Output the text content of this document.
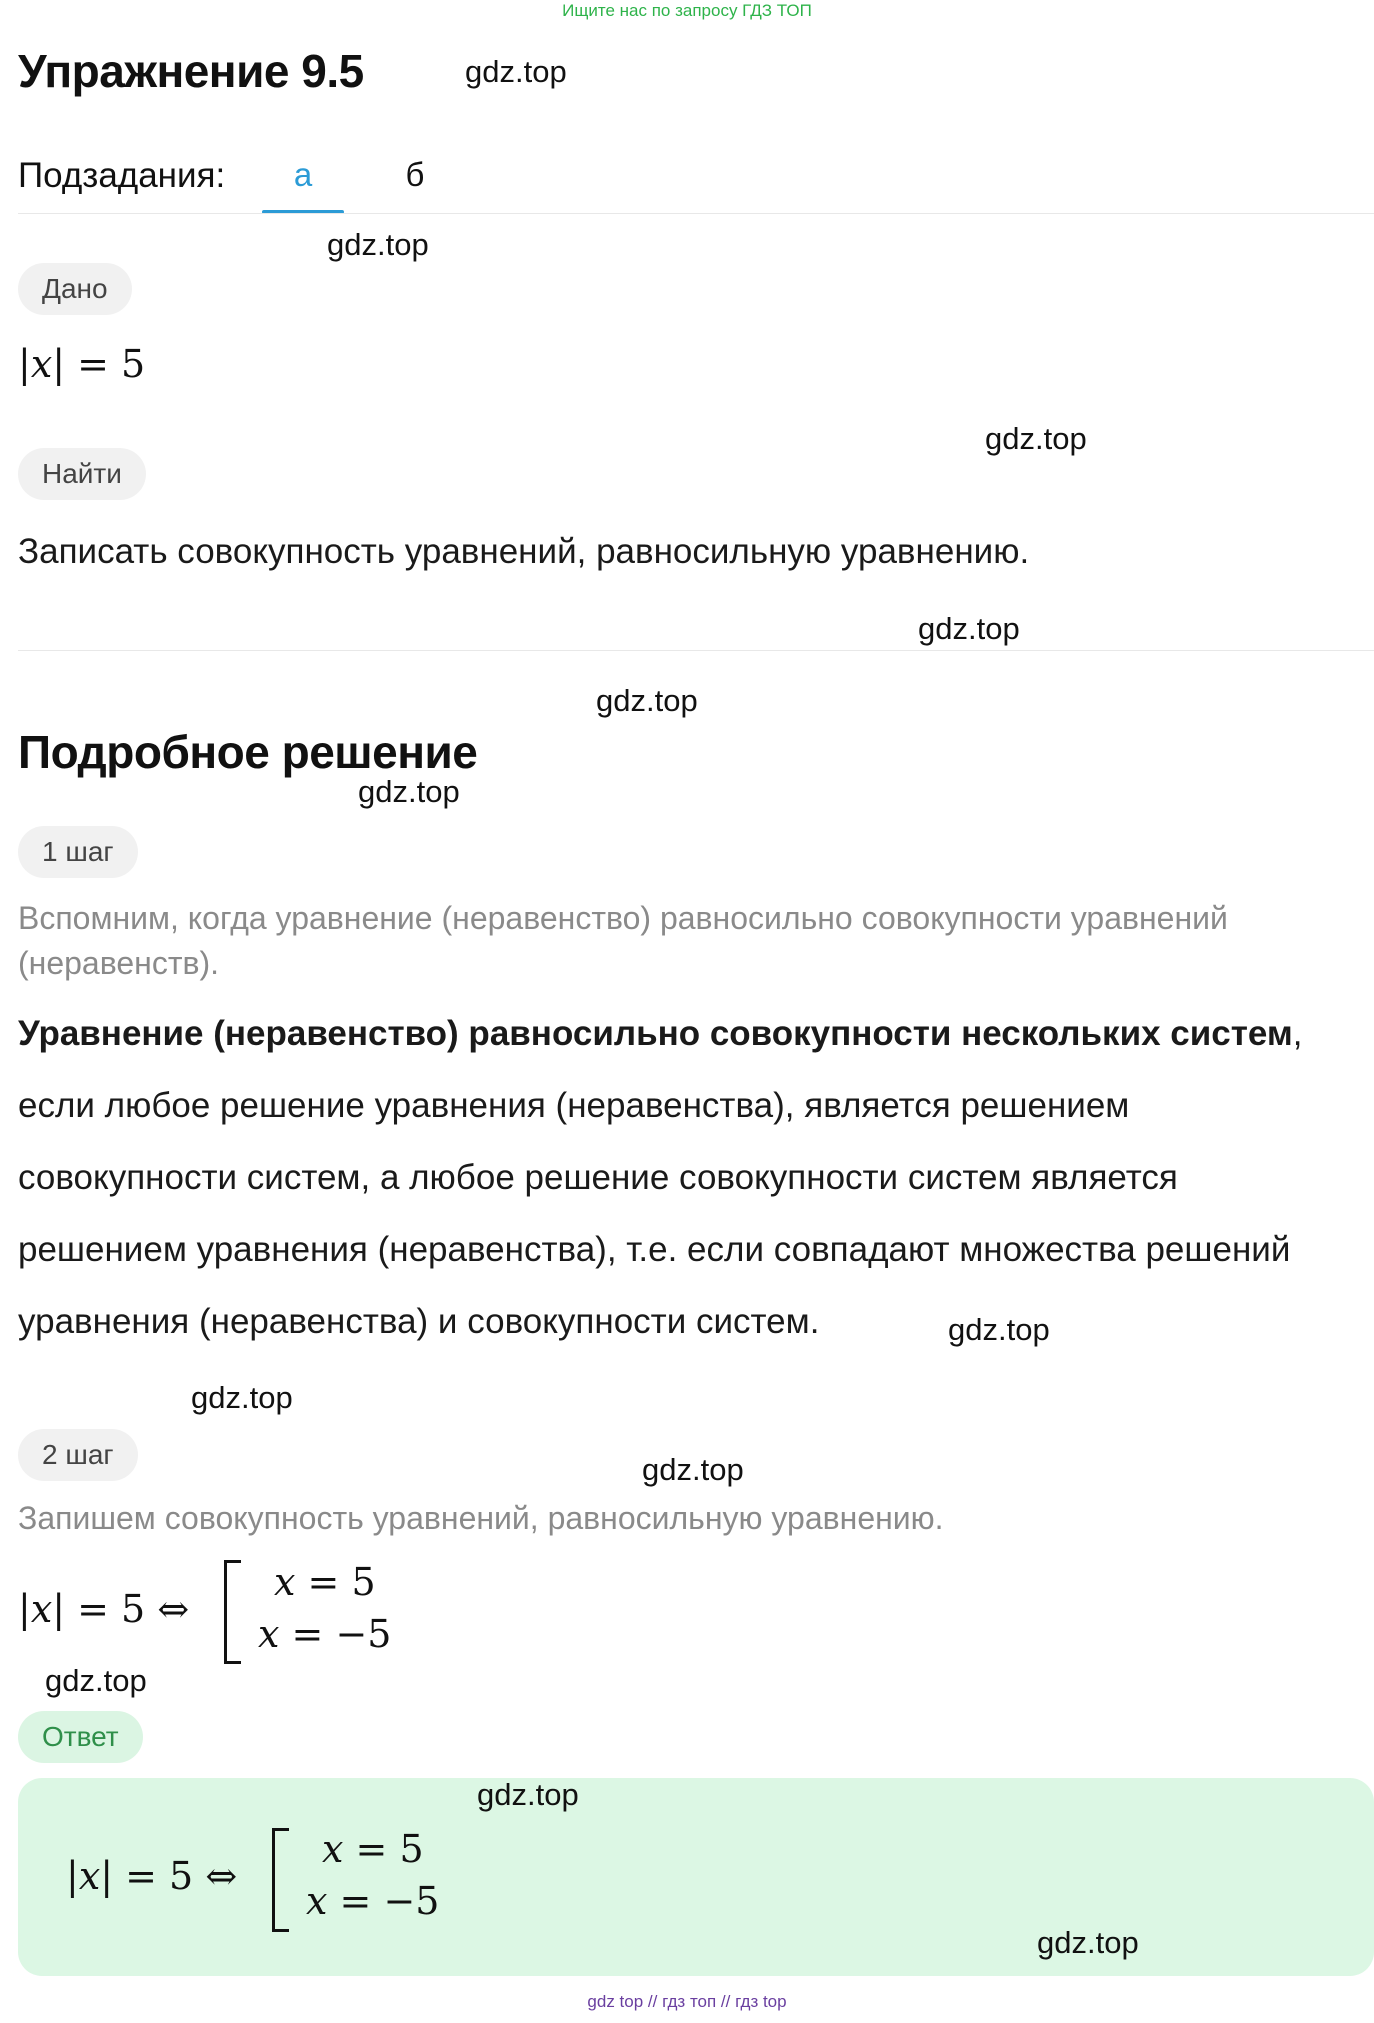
Ищите нас по запросу ГДЗ ТОП
Упражнение 9.5	gdz.top
Подзадания:	а	б
gdz.top
Дано
|x| = 5
gdz.top
Найти
Записать совокупность уравнений, равносильную уравнению.
gdz.top
gdz.top
Подробное решение
gdz.top
1 шаг
Вспомним, когда уравнение (неравенство) равносильно совокупности уравнений
(неравенств).
Уравнение (неравенство) равносильно совокупности нескольких систем,
если любое решение уравнения (неравенства), является решением
совокупности систем, а любое решение совокупности систем является
решением уравнения (неравенства), т.е. если совпадают множества решений
уравнения (неравенства) и совокупности систем.	gdz.top
gdz.top
2 шаг	gdz.top
Запишем совокупность уравнений, равносильную уравнению.
|x| = 5 ⇔
x = 5
x = −5
gdz.top
Ответ
gdz.top
|x| = 5 ⇔
x = 5
x = −5
gdz.top
gdz top // гдз топ // гдз top
